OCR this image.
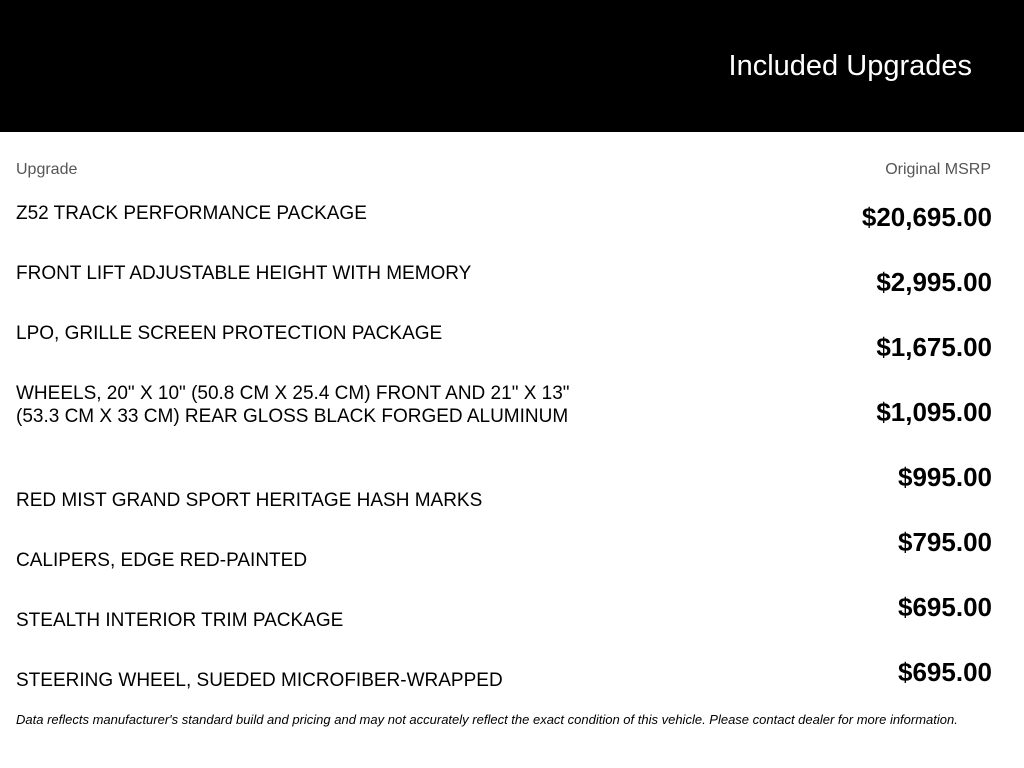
Included Upgrades
Upgrade	Original MSRP
Z52 TRACK PERFORMANCE PACKAGE
FRONT LIFT ADJUSTABLE HEIGHT WITH MEMORY
LPO, GRILLE SCREEN PROTECTION PACKAGE
WHEELS, 20" X 10" (50.8 CM X 25.4 CM) FRONT AND 21" X 13" (53.3 CM X 33 CM) REAR GLOSS BLACK FORGED ALUMINUM
RED MIST GRAND SPORT HERITAGE HASH MARKS
CALIPERS, EDGE RED-PAINTED
STEALTH INTERIOR TRIM PACKAGE
STEERING WHEEL, SUEDED MICROFIBER-WRAPPED
$20,695.00
$2,995.00
$1,675.00
$1,095.00
$995.00
$795.00
$695.00
$695.00
Data reflects manufacturer's standard build and pricing and may not accurately reflect the exact condition of this vehicle. Please contact dealer for more information.
